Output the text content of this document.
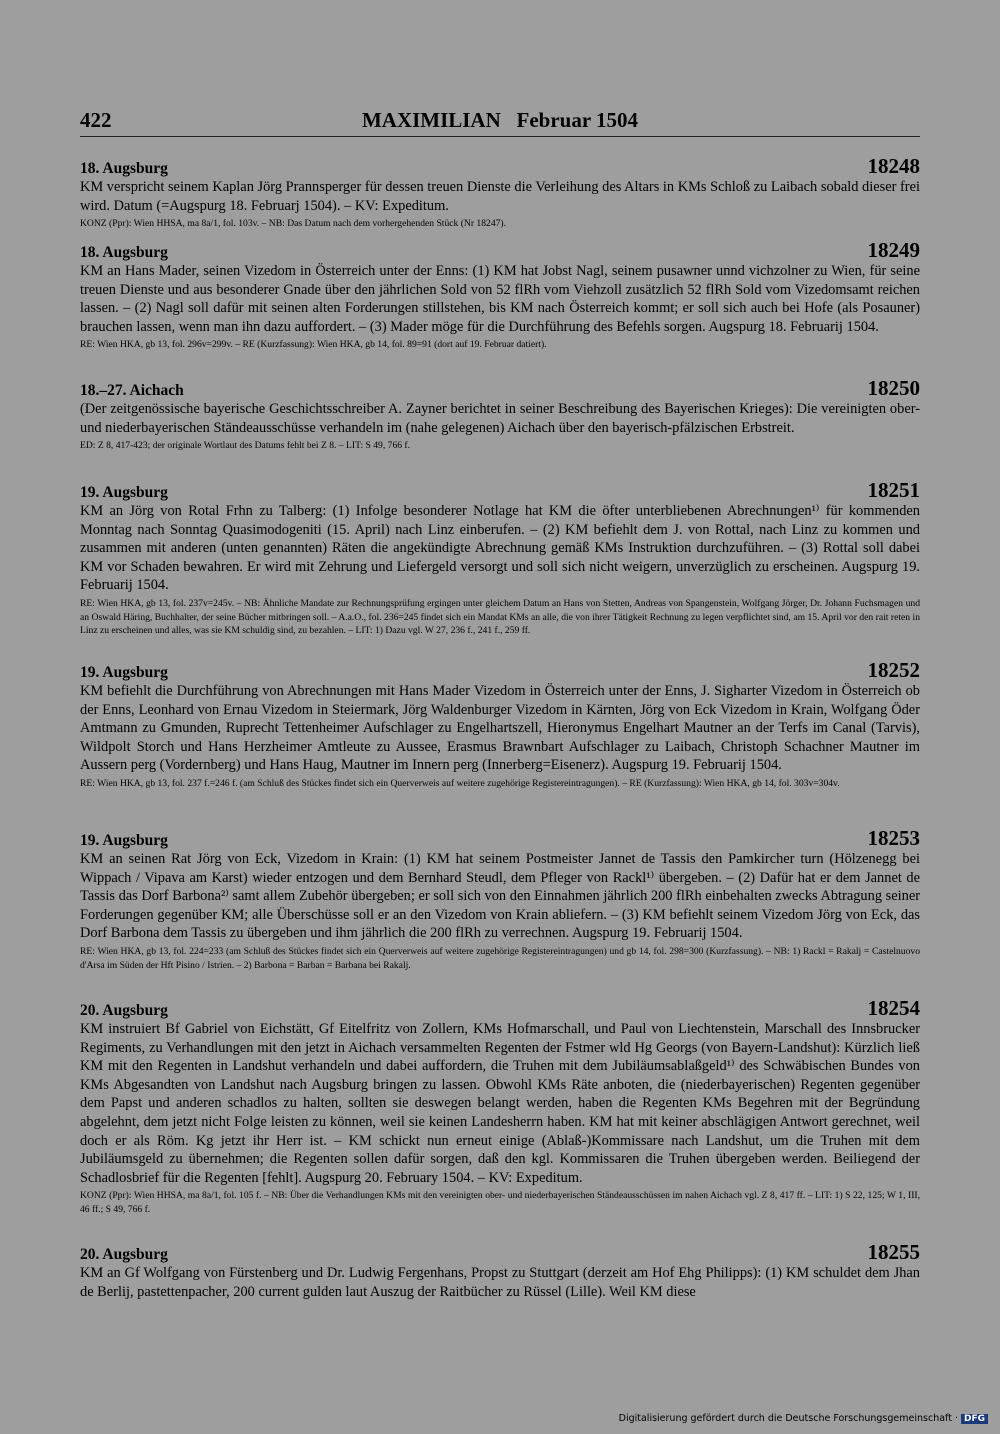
422	MAXIMILIAN   Februar 1504
18. Augsburg	18248
KM verspricht seinem Kaplan Jörg Prannsperger für dessen treuen Dienste die Verleihung des Altars in KMs Schloß zu Laibach sobald dieser frei wird. Datum (=Augspurg 18. Februarj 1504). – KV: Expeditum.
KONZ (Ppr): Wien HHSA, ma 8a/1, fol. 103v. – NB: Das Datum nach dem vorhergehenden Stück (Nr 18247).
18. Augsburg	18249
KM an Hans Mader, seinen Vizedom in Österreich unter der Enns: (1) KM hat Jobst Nagl, seinem pusawner unnd vichzolner zu Wien, für seine treuen Dienste und aus besonderer Gnade über den jährlichen Sold von 52 flRh vom Viehzoll zusätzlich 52 flRh Sold vom Vizedomsamt reichen lassen. – (2) Nagl soll dafür mit seinen alten Forderungen stillstehen, bis KM nach Österreich kommt; er soll sich auch bei Hofe (als Posauner) brauchen lassen, wenn man ihn dazu auffordert. – (3) Mader möge für die Durchführung des Befehls sorgen. Augspurg 18. Februarij 1504.
RE: Wien HKA, gb 13, fol. 296v=299v. – RE (Kurzfassung): Wien HKA, gb 14, fol. 89=91 (dort auf 19. Februar datiert).
18.–27. Aichach	18250
(Der zeitgenössische bayerische Geschichtsschreiber A. Zayner berichtet in seiner Beschreibung des Bayerischen Krieges): Die vereinigten ober- und niederbayerischen Ständeausschüsse verhandeln im (nahe gelegenen) Aichach über den bayerisch-pfälzischen Erbstreit.
ED: Z 8, 417-423; der originale Wortlaut des Datums fehlt bei Z 8. – LIT: S 49, 766 f.
19. Augsburg	18251
KM an Jörg von Rotal Frhn zu Talberg: (1) Infolge besonderer Notlage hat KM die öfter unterbliebenen Abrechnungen¹⁾ für kommenden Monntag nach Sonntag Quasimodogeniti (15. April) nach Linz einberufen. – (2) KM befiehlt dem J. von Rottal, nach Linz zu kommen und zusammen mit anderen (unten genannten) Räten die angekündigte Abrechnung gemäß KMs Instruktion durchzuführen. – (3) Rottal soll dabei KM vor Schaden bewahren. Er wird mit Zehrung und Liefergeld versorgt und soll sich nicht weigern, unverzüglich zu erscheinen. Augspurg 19. Februarij 1504.
RE: Wien HKA, gb 13, fol. 237v=245v. – NB: Ähnliche Mandate zur Rechnungsprüfung ergingen unter gleichem Datum an Hans von Stetten, Andreas von Spangenstein, Wolfgang Jörger, Dr. Johann Fuchsmagen und an Oswald Häring, Buchhalter, der seine Bücher mitbringen soll. – A.a.O., fol. 236=245 findet sich ein Mandat KMs an alle, die von ihrer Tätigkeit Rechnung zu legen verpflichtet sind, am 15. April vor den rait reten in Linz zu erscheinen und alles, was sie KM schuldig sind, zu bezahlen. – LIT: 1) Dazu vgl. W 27, 236 f., 241 f., 259 ff.
19. Augsburg	18252
KM befiehlt die Durchführung von Abrechnungen mit Hans Mader Vizedom in Österreich unter der Enns, J. Sigharter Vizedom in Österreich ob der Enns, Leonhard von Ernau Vizedom in Steiermark, Jörg Waldenburger Vizedom in Kärnten, Jörg von Eck Vizedom in Krain, Wolfgang Öder Amtmann zu Gmunden, Ruprecht Tettenheimer Aufschlager zu Engelhartszell, Hieronymus Engelhart Mautner an der Terfs im Canal (Tarvis), Wildpolt Storch und Hans Herzheimer Amtleute zu Aussee, Erasmus Brawnbart Aufschlager zu Laibach, Christoph Schachner Mautner im Aussern perg (Vordernberg) und Hans Haug, Mautner im Innern perg (Innerberg=Eisenerz). Augspurg 19. Februarij 1504.
RE: Wien HKA, gb 13, fol. 237 f.=246 f. (am Schluß des Stückes findet sich ein Querverweis auf weitere zugehörige Registereintragungen). – RE (Kurzfassung): Wien HKA, gb 14, fol. 303v=304v.
19. Augsburg	18253
KM an seinen Rat Jörg von Eck, Vizedom in Krain: (1) KM hat seinem Postmeister Jannet de Tassis den Pamkircher turn (Hölzenegg bei Wippach / Vipava am Karst) wieder entzogen und dem Bernhard Steudl, dem Pfleger von Rackl¹⁾ übergeben. – (2) Dafür hat er dem Jannet de Tassis das Dorf Barbona²⁾ samt allem Zubehör übergeben; er soll sich von den Einnahmen jährlich 200 flRh einbehalten zwecks Abtragung seiner Forderungen gegenüber KM; alle Überschüsse soll er an den Vizedom von Krain abliefern. – (3) KM befiehlt seinem Vizedom Jörg von Eck, das Dorf Barbona dem Tassis zu übergeben und ihm jährlich die 200 flRh zu verrechnen. Augspurg 19. Februarij 1504.
RE: Wien HKA, gb 13, fol. 224=233 (am Schluß des Stückes findet sich ein Querverweis auf weitere zugehörige Registereintragungen) und gb 14, fol. 298=300 (Kurzfassung). – NB: 1) Rackl = Rakalj = Castelnuovo d'Arsa im Süden der Hft Pisino / Istrien. – 2) Barbona = Barban = Barbana bei Rakalj.
20. Augsburg	18254
KM instruiert Bf Gabriel von Eichstätt, Gf Eitelfritz von Zollern, KMs Hofmarschall, und Paul von Liechtenstein, Marschall des Innsbrucker Regiments, zu Verhandlungen mit den jetzt in Aichach versammelten Regenten der Fstmer wld Hg Georgs (von Bayern-Landshut): Kürzlich ließ KM mit den Regenten in Landshut verhandeln und dabei auffordern, die Truhen mit dem Jubiläumsablaßgeld¹⁾ des Schwäbischen Bundes von KMs Abgesandten von Landshut nach Augsburg bringen zu lassen. Obwohl KMs Räte anboten, die (niederbayerischen) Regenten gegenüber dem Papst und anderen schadlos zu halten, sollten sie deswegen belangt werden, haben die Regenten KMs Begehren mit der Begründung abgelehnt, dem jetzt nicht Folge leisten zu können, weil sie keinen Landesherrn haben. KM hat mit keiner abschlägigen Antwort gerechnet, weil doch er als Röm. Kg jetzt ihr Herr ist. – KM schickt nun erneut einige (Ablaß-)Kommissare nach Landshut, um die Truhen mit dem Jubiläumsgeld zu übernehmen; die Regenten sollen dafür sorgen, daß den kgl. Kommissaren die Truhen übergeben werden. Beiliegend der Schadlosbrief für die Regenten [fehlt]. Augspurg 20. February 1504. – KV: Expeditum.
KONZ (Ppr): Wien HHSA, ma 8a/1, fol. 105 f. – NB: Über die Verhandlungen KMs mit den vereinigten ober- und niederbayerischen Ständeausschüssen im nahen Aichach vgl. Z 8, 417 ff. – LIT: 1) S 22, 125; W 1, III, 46 ff.; S 49, 766 f.
20. Augsburg	18255
KM an Gf Wolfgang von Fürstenberg und Dr. Ludwig Fergenhans, Propst zu Stuttgart (derzeit am Hof Ehg Philipps): (1) KM schuldet dem Jhan de Berlij, pastettenpacher, 200 current gulden laut Auszug der Raitbücher zu Rüssel (Lille). Weil KM diese
Digitalisierung gefördert durch die Deutsche Forschungsgemeinschaft · DFG
